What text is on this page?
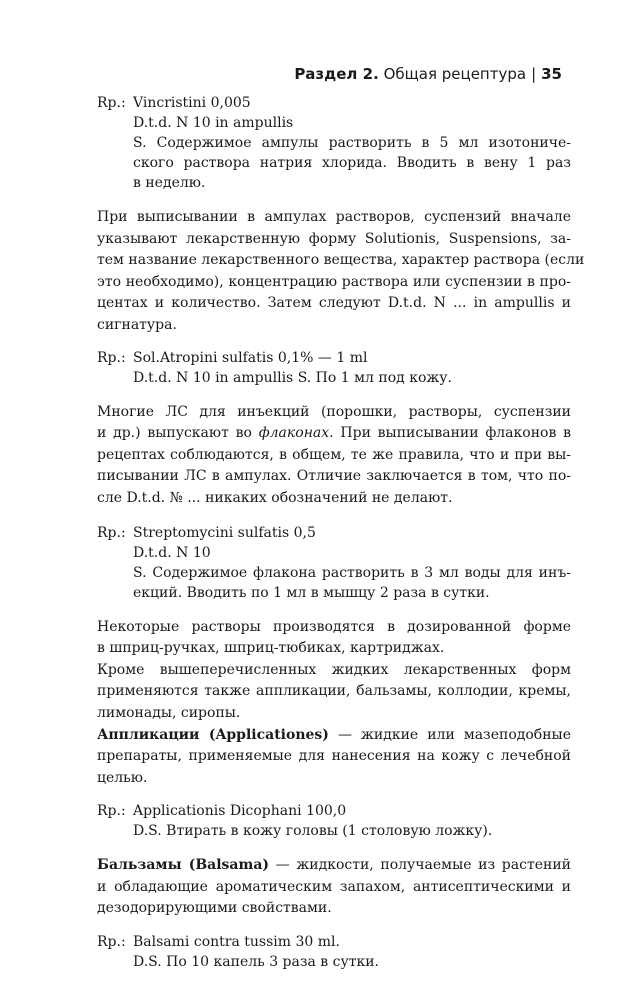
Раздел 2. Общая рецептура | 35
Rp.: Vincristini 0,005
D.t.d. N 10 in ampullis
S. Содержимое ампулы растворить в 5 мл изотониче-
ского раствора натрия хлорида. Вводить в вену 1 раз
в неделю.
При выписывании в ампулах растворов, суспензий вначале
указывают лекарственную форму Solutionis, Suspensions, за-
тем название лекарственного вещества, характер раствора (если
это необходимо), концентрацию раствора или суспензии в про-
центах и количество. Затем следуют D.t.d. N ... in ampullis и
сигнатура.
Rp.: Sol.Atropini sulfatis 0,1% — 1 ml
D.t.d. N 10 in ampullis S. По 1 мл под кожу.
Многие ЛС для инъекций (порошки, растворы, суспензии
и др.) выпускают во флаконах. При выписывании флаконов в
рецептах соблюдаются, в общем, те же правила, что и при вы-
писывании ЛС в ампулах. Отличие заключается в том, что по-
сле D.t.d. № ... никаких обозначений не делают.
Rp.: Streptomycini sulfatis 0,5
D.t.d. N 10
S. Содержимое флакона растворить в 3 мл воды для инъ-
екций. Вводить по 1 мл в мышцу 2 раза в сутки.
Некоторые растворы производятся в дозированной форме
в шприц-ручках, шприц-тюбиках, картриджах.
Кроме вышеперечисленных жидких лекарственных форм
применяются также аппликации, бальзамы, коллодии, кремы,
лимонады, сиропы.
Аппликации (Applicationes) — жидкие или мазеподобные
препараты, применяемые для нанесения на кожу с лечебной
целью.
Rp.: Applicationis Dicophani 100,0
D.S. Втирать в кожу головы (1 столовую ложку).
Бальзамы (Balsama) — жидкости, получаемые из растений
и обладающие ароматическим запахом, антисептическими и
дезодорирующими свойствами.
Rp.: Balsami contra tussim 30 ml.
D.S. По 10 капель 3 раза в сутки.
